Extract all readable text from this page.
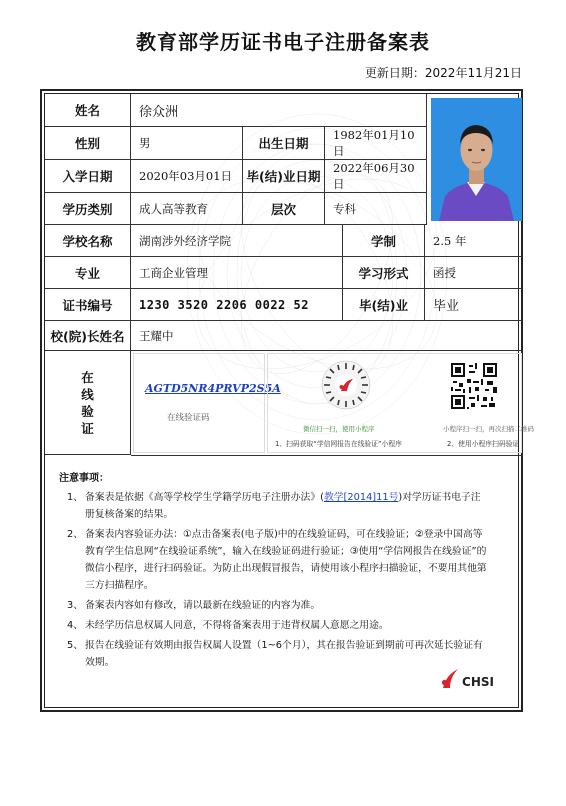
教育部学历证书电子注册备案表
更新日期：2022年11月21日
姓名	徐众洲
性别	男	出生日期
1982年01月10日
入学日期	2020年03月01日	毕(结)业日期
2022年06月30日
学历类别	成人高等教育	层次	专科
学校名称	湖南涉外经济学院	学制	2.5 年
专业	工商企业管理	学习形式	函授
证书编号	1230 3520 2206 0022 52	毕(结)业	毕业
校(院)长姓名	王耀中
在
线
验
证
AGTD5NR4PRVP2S5A
在线验证码
微信扫一扫，使用小程序
1、扫码获取“学信网报告在线验证”小程序
小程序扫一扫，再次扫描二维码
2、使用小程序扫码验证
注意事项：
1、 备案表是依据《高等学校学生学籍学历电子注册办法》(教学[2014]11号)对学历证书电子注册复核备案的结果。
2、 备案表内容验证办法：①点击备案表(电子版)中的在线验证码，可在线验证；②登录中国高等教育学生信息网“在线验证系统”，输入在线验证码进行验证；③使用“学信网报告在线验证”的微信小程序，进行扫码验证。为防止出现假冒报告，请使用该小程序扫描验证，不要用其他第三方扫描程序。
3、 备案表内容如有修改，请以最新在线验证的内容为准。
4、 未经学历信息权属人同意，不得将备案表用于违背权属人意愿之用途。
5、 报告在线验证有效期由报告权属人设置（1~6个月），其在报告验证到期前可再次延长验证有效期。
CHSI
